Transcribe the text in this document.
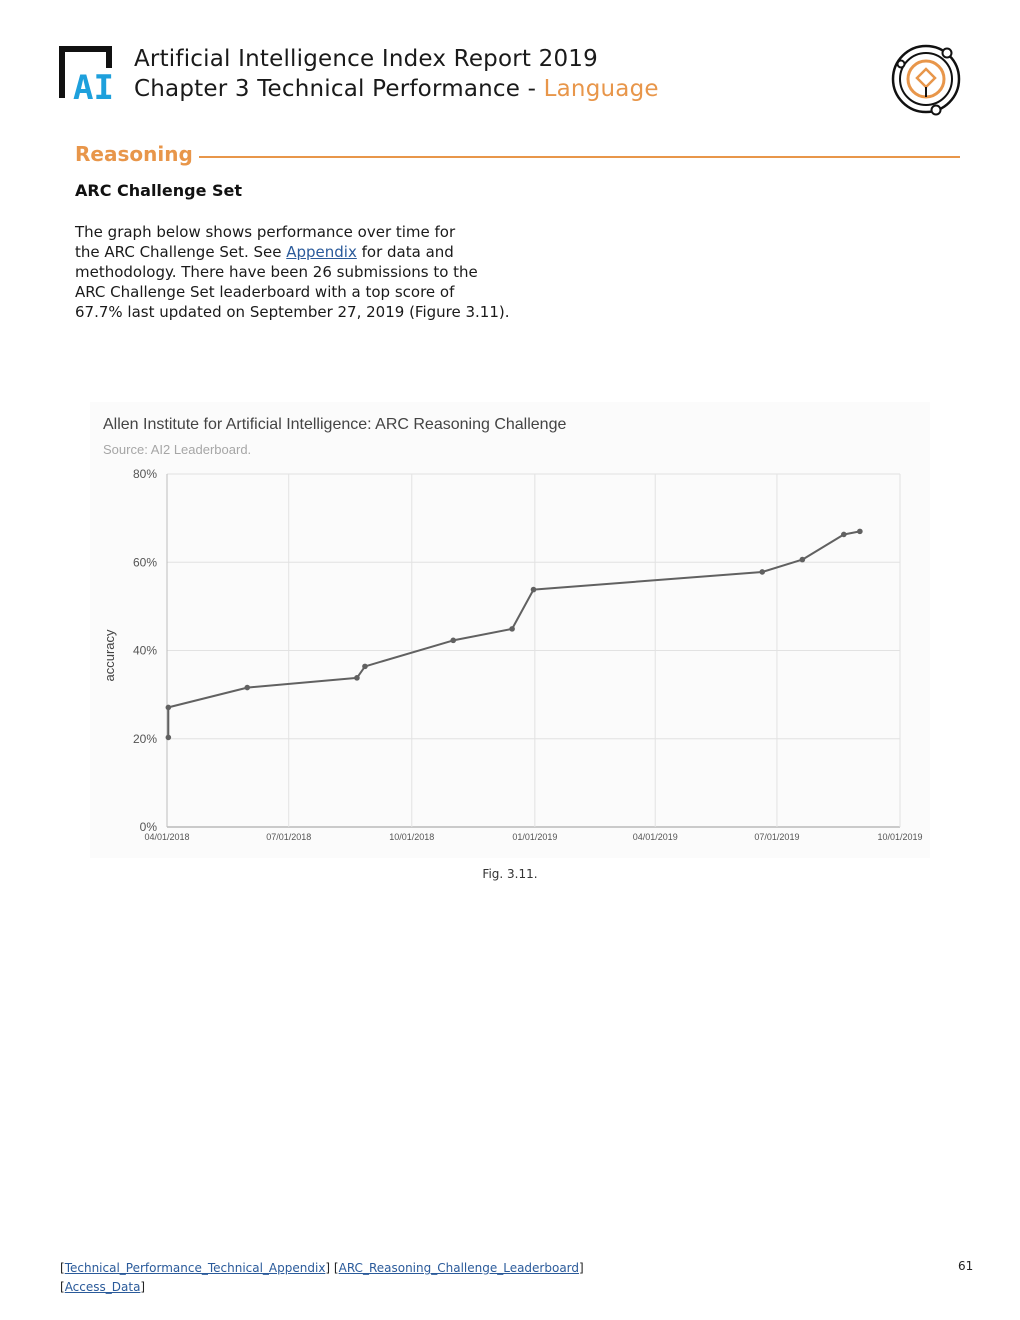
AI
Artificial Intelligence Index Report 2019
Chapter 3 Technical Performance - Language
Reasoning
ARC Challenge Set
The graph below shows performance over time for
the ARC Challenge Set. See Appendix for data and
methodology. There have been 26 submissions to the
ARC Challenge Set leaderboard with a top score of
67.7% last updated on September 27, 2019 (Figure 3.11).
Allen Institute for Artificial Intelligence: ARC Reasoning Challenge
Source: AI2 Leaderboard.
0%
20%
40%
60%
80%
04/01/2018	07/01/2018	10/01/2018	01/01/2019	04/01/2019	07/01/2019	10/01/2019
accuracy
Fig. 3.11.
[Technical_Performance_Technical_Appendix] [ARC_Reasoning_Challenge_Leaderboard]
[Access_Data]
61
